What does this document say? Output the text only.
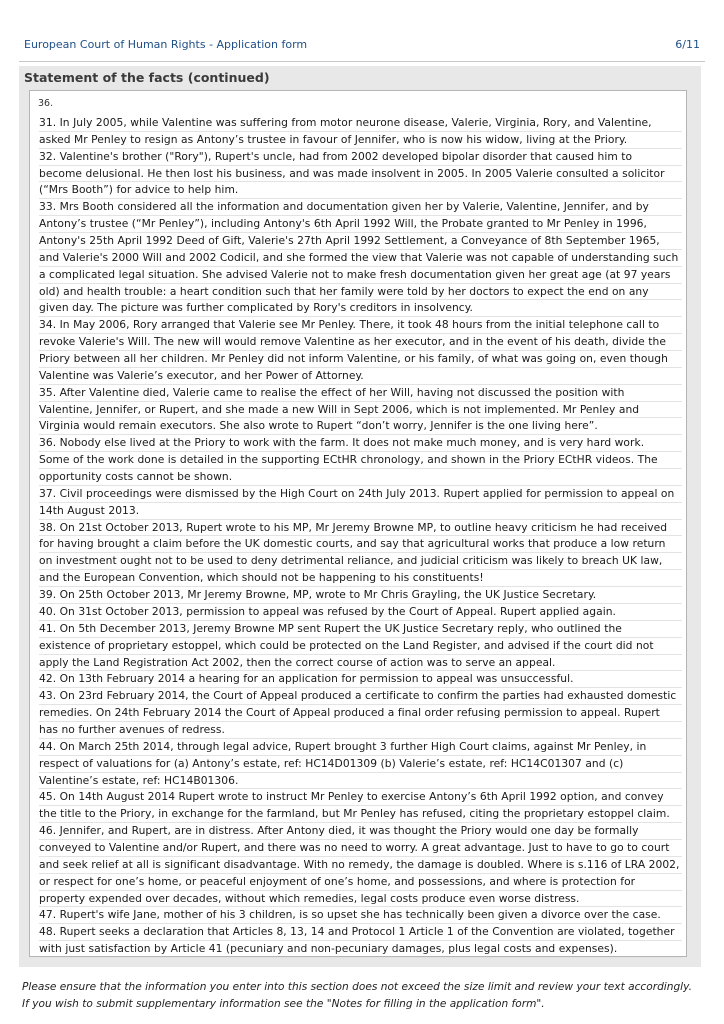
European Court of Human Rights - Application form	6/11
Statement of the facts (continued)
36.
31. In July 2005, while Valentine was suffering from motor neurone disease, Valerie, Virginia, Rory, and Valentine,
asked Mr Penley to resign as Antony’s trustee in favour of Jennifer, who is now his widow, living at the Priory.
32. Valentine's brother ("Rory"), Rupert's uncle, had from 2002 developed bipolar disorder that caused him to
become delusional. He then lost his business, and was made insolvent in 2005. In 2005 Valerie consulted a solicitor
(“Mrs Booth”) for advice to help him.
33. Mrs Booth considered all the information and documentation given her by Valerie, Valentine, Jennifer, and by
Antony’s trustee (“Mr Penley”), including Antony's 6th April 1992 Will, the Probate granted to Mr Penley in 1996,
Antony's 25th April 1992 Deed of Gift, Valerie's 27th April 1992 Settlement, a Conveyance of 8th September 1965,
and Valerie's 2000 Will and 2002 Codicil, and she formed the view that Valerie was not capable of understanding such
a complicated legal situation. She advised Valerie not to make fresh documentation given her great age (at 97 years
old) and health trouble: a heart condition such that her family were told by her doctors to expect the end on any
given day. The picture was further complicated by Rory's creditors in insolvency.
34. In May 2006, Rory arranged that Valerie see Mr Penley. There, it took 48 hours from the initial telephone call to
revoke Valerie's Will. The new will would remove Valentine as her executor, and in the event of his death, divide the
Priory between all her children. Mr Penley did not inform Valentine, or his family, of what was going on, even though
Valentine was Valerie’s executor, and her Power of Attorney.
35. After Valentine died, Valerie came to realise the effect of her Will, having not discussed the position with
Valentine, Jennifer, or Rupert, and she made a new Will in Sept 2006, which is not implemented. Mr Penley and
Virginia would remain executors. She also wrote to Rupert “don’t worry, Jennifer is the one living here”.
36. Nobody else lived at the Priory to work with the farm. It does not make much money, and is very hard work.
Some of the work done is detailed in the supporting ECtHR chronology, and shown in the Priory ECtHR videos. The
opportunity costs cannot be shown.
37. Civil proceedings were dismissed by the High Court on 24th July 2013. Rupert applied for permission to appeal on
14th August 2013.
38. On 21st October 2013, Rupert wrote to his MP, Mr Jeremy Browne MP, to outline heavy criticism he had received
for having brought a claim before the UK domestic courts, and say that agricultural works that produce a low return
on investment ought not to be used to deny detrimental reliance, and judicial criticism was likely to breach UK law,
and the European Convention, which should not be happening to his constituents!
39. On 25th October 2013, Mr Jeremy Browne, MP, wrote to Mr Chris Grayling, the UK Justice Secretary.
40. On 31st October 2013, permission to appeal was refused by the Court of Appeal. Rupert applied again.
41. On 5th December 2013, Jeremy Browne MP sent Rupert the UK Justice Secretary reply, who outlined the
existence of proprietary estoppel, which could be protected on the Land Register, and advised if the court did not
apply the Land Registration Act 2002, then the correct course of action was to serve an appeal.
42. On 13th February 2014 a hearing for an application for permission to appeal was unsuccessful.
43. On 23rd February 2014, the Court of Appeal produced a certificate to confirm the parties had exhausted domestic
remedies. On 24th February 2014 the Court of Appeal produced a final order refusing permission to appeal. Rupert
has no further avenues of redress.
44. On March 25th 2014, through legal advice, Rupert brought 3 further High Court claims, against Mr Penley, in
respect of valuations for (a) Antony’s estate, ref: HC14D01309 (b) Valerie’s estate, ref: HC14C01307 and (c)
Valentine’s estate, ref: HC14B01306.
45. On 14th August 2014 Rupert wrote to instruct Mr Penley to exercise Antony’s 6th April 1992 option, and convey
the title to the Priory, in exchange for the farmland, but Mr Penley has refused, citing the proprietary estoppel claim.
46. Jennifer, and Rupert, are in distress. After Antony died, it was thought the Priory would one day be formally
conveyed to Valentine and/or Rupert, and there was no need to worry. A great advantage. Just to have to go to court
and seek relief at all is significant disadvantage. With no remedy, the damage is doubled. Where is s.116 of LRA 2002,
or respect for one’s home, or peaceful enjoyment of one’s home, and possessions, and where is protection for
property expended over decades, without which remedies, legal costs produce even worse distress.
47. Rupert's wife Jane, mother of his 3 children, is so upset she has technically been given a divorce over the case.
48. Rupert seeks a declaration that Articles 8, 13, 14 and Protocol 1 Article 1 of the Convention are violated, together
with just satisfaction by Article 41 (pecuniary and non-pecuniary damages, plus legal costs and expenses).
Please ensure that the information you enter into this section does not exceed the size limit and review your text accordingly.
If you wish to submit supplementary information see the "Notes for filling in the application form".
